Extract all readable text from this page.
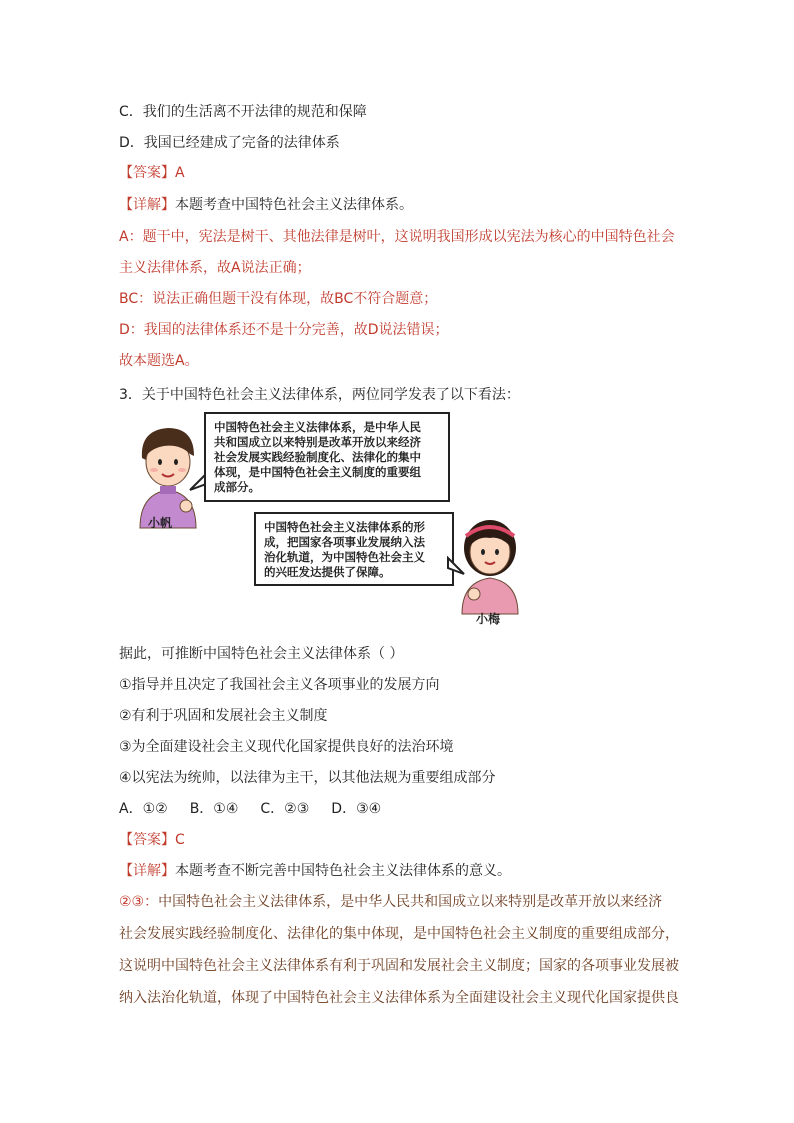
C．我们的生活离不开法律的规范和保障
D．我国已经建成了完备的法律体系
【答案】A
【详解】本题考查中国特色社会主义法律体系。
A：题干中，宪法是树干、其他法律是树叶，这说明我国形成以宪法为核心的中国特色社会
主义法律体系，故A说法正确；
BC：说法正确但题干没有体现，故BC不符合题意；
D：我国的法律体系还不是十分完善，故D说法错误；
故本题选A。
3．关于中国特色社会主义法律体系，两位同学发表了以下看法：
小帆
中国特色社会主义法律体系，是中华人民
共和国成立以来特别是改革开放以来经济
社会发展实践经验制度化、法律化的集中
体现，是中国特色社会主义制度的重要组
成部分。
中国特色社会主义法律体系的形
成，把国家各项事业发展纳入法
治化轨道，为中国特色社会主义
的兴旺发达提供了保障。
小梅
据此，可推断中国特色社会主义法律体系（ ）
①指导并且决定了我国社会主义各项事业的发展方向
②有利于巩固和发展社会主义制度
③为全面建设社会主义现代化国家提供良好的法治环境
④以宪法为统帅，以法律为主干，以其他法规为重要组成部分
A．①② B．①④ C．②③ D．③④
【答案】C
【详解】本题考查不断完善中国特色社会主义法律体系的意义。
②③：中国特色社会主义法律体系，是中华人民共和国成立以来特别是改革开放以来经济
社会发展实践经验制度化、法律化的集中体现，是中国特色社会主义制度的重要组成部分，
这说明中国特色社会主义法律体系有利于巩固和发展社会主义制度；国家的各项事业发展被
纳入法治化轨道，体现了中国特色社会主义法律体系为全面建设社会主义现代化国家提供良
